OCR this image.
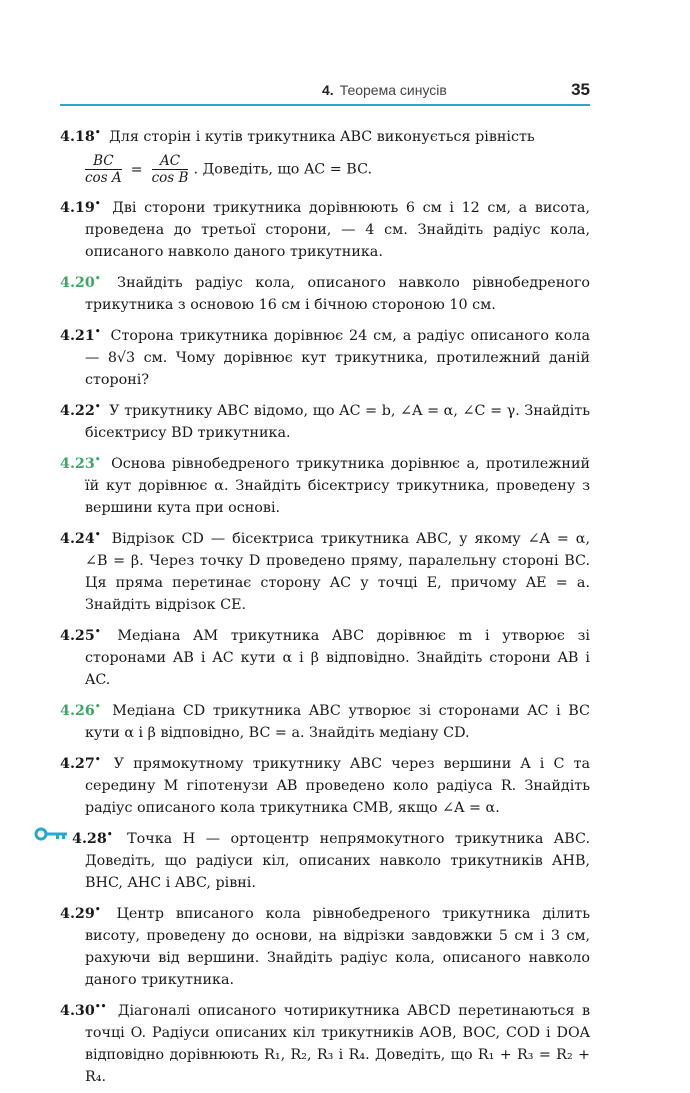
4. Теорема синусів	35
4.18• Для сторін і кутів трикутника ABC виконується рівність
$\frac{BC}{\text{cos A}} = \frac{AC}{\text{cos B}}$ . Доведіть, що AC = BC.
4.19• Дві сторони трикутника дорівнюють 6 см і 12 см, а висота, проведена до третьої сторони, — 4 см. Знайдіть радіус кола, описаного навколо даного трикутника.
4.20• Знайдіть радіус кола, описаного навколо рівнобедреного трикутника з основою 16 см і бічною стороною 10 см.
4.21• Сторона трикутника дорівнює 24 см, а радіус описаного кола — 8√3 см. Чому дорівнює кут трикутника, протилежний даній стороні?
4.22• У трикутнику ABC відомо, що AC = b, ∠A = α, ∠C = γ. Знайдіть бісектрису BD трикутника.
4.23• Основа рівнобедреного трикутника дорівнює a, протилежний їй кут дорівнює α. Знайдіть бісектрису трикутника, проведену з вершини кута при основі.
4.24• Відрізок CD — бісектриса трикутника ABC, у якому ∠A = α, ∠B = β. Через точку D проведено пряму, паралельну стороні BC. Ця пряма перетинає сторону AC у точці E, причому AE = a. Знайдіть відрізок CE.
4.25• Медіана AM трикутника ABC дорівнює m і утворює зі сторонами AB і AC кути α і β відповідно. Знайдіть сторони AB і AC.
4.26• Медіана CD трикутника ABC утворює зі сторонами AC і BC кути α і β відповідно, BC = a. Знайдіть медіану CD.
4.27• У прямокутному трикутнику ABC через вершини A і C та середину M гіпотенузи AB проведено коло радіуса R. Знайдіть радіус описаного кола трикутника CMB, якщо ∠A = α.
4.28• Точка H — ортоцентр непрямокутного трикутника ABC. Доведіть, що радіуси кіл, описаних навколо трикутників AHB, BHC, AHC і ABC, рівні.
4.29• Центр вписаного кола рівнобедреного трикутника ділить висоту, проведену до основи, на відрізки завдовжки 5 см і 3 см, рахуючи від вершини. Знайдіть радіус кола, описаного навколо даного трикутника.
4.30•• Діагоналі описаного чотирикутника ABCD перетинаються в точці O. Радіуси описаних кіл трикутників AOB, BOC, COD і DOA відповідно дорівнюють R₁, R₂, R₃ і R₄. Доведіть, що R₁ + R₃ = R₂ + R₄.
